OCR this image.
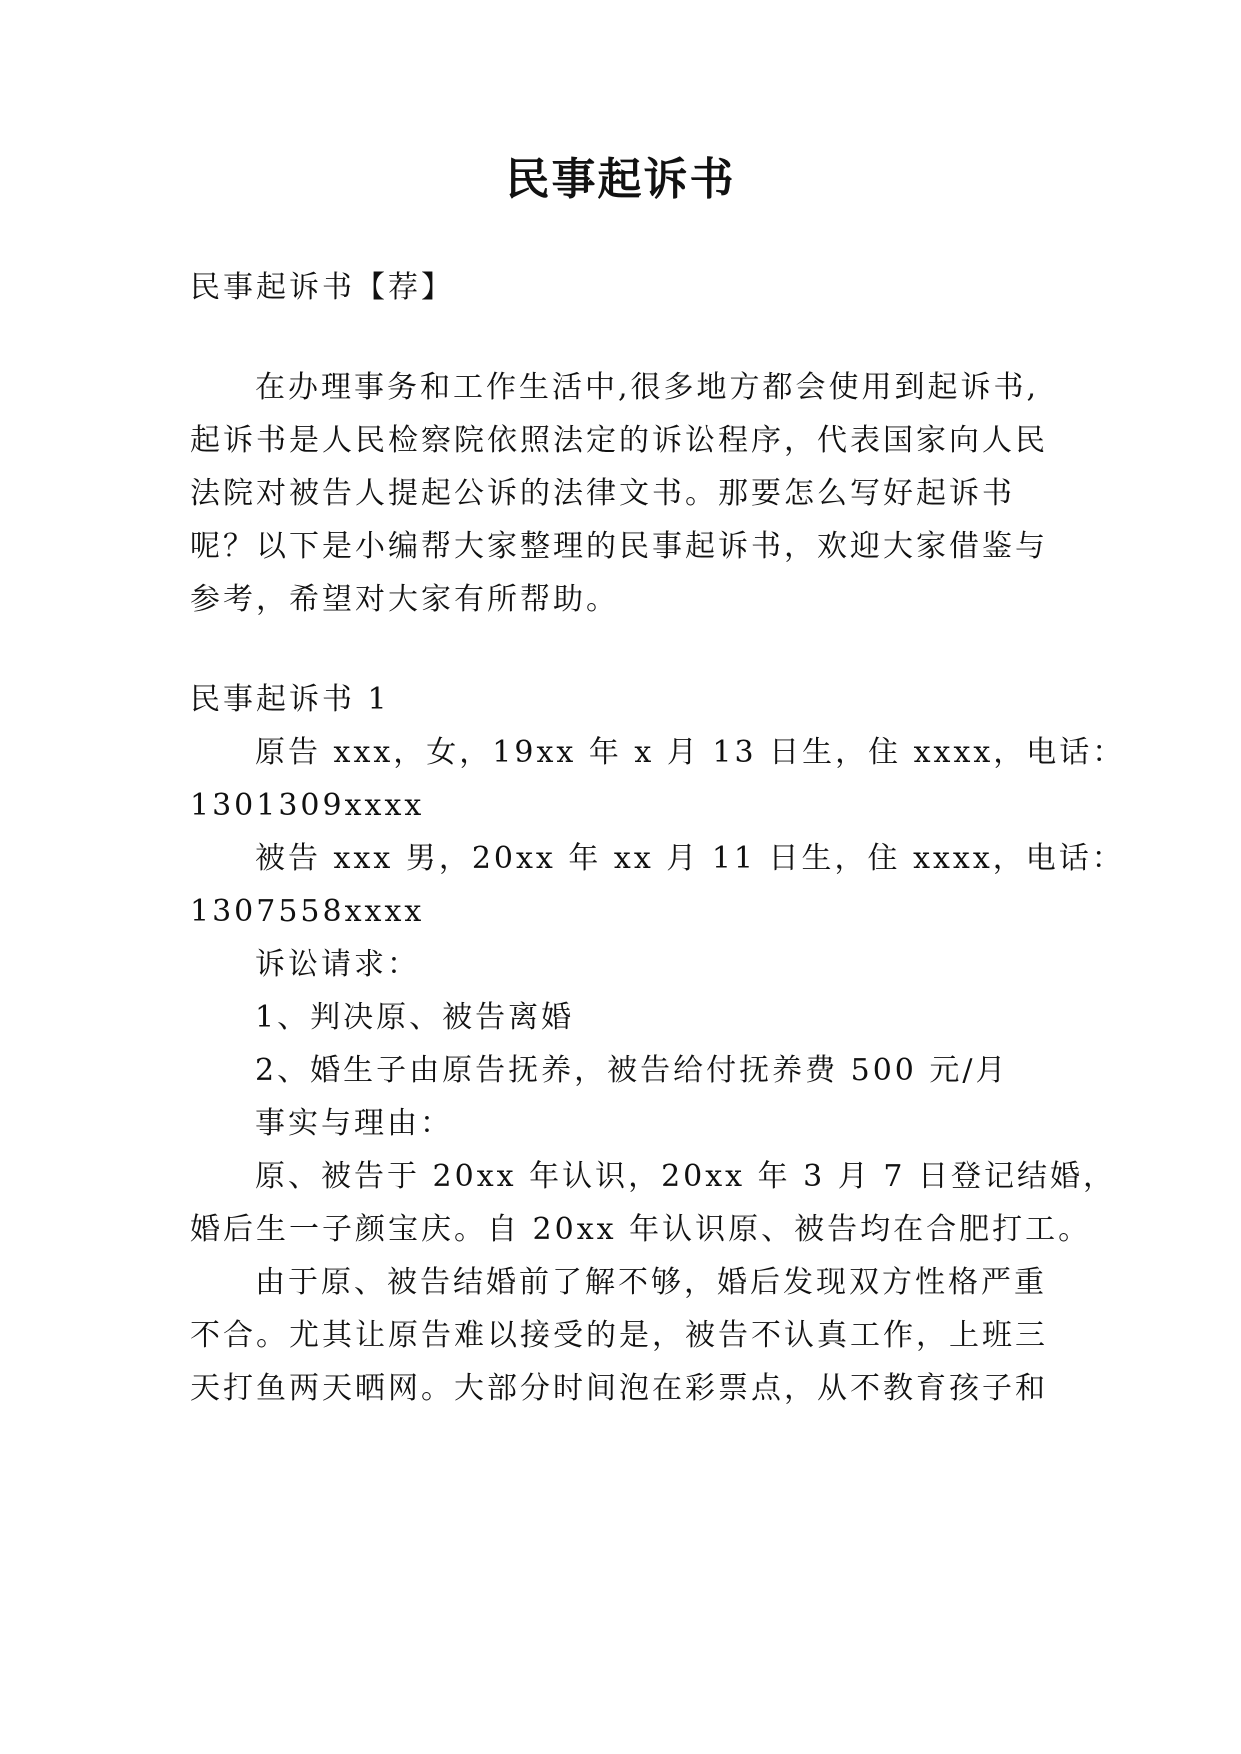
民事起诉书
民事起诉书【荐】
在办理事务和工作生活中,很多地方都会使用到起诉书,
起诉书是人民检察院依照法定的诉讼程序，代表国家向人民
法院对被告人提起公诉的法律文书。那要怎么写好起诉书
呢？以下是小编帮大家整理的民事起诉书，欢迎大家借鉴与
参考，希望对大家有所帮助。
民事起诉书 1
原告 xxx，女，19xx 年 x 月 13 日生，住 xxxx，电话：
1301309xxxx
被告 xxx 男，20xx 年 xx 月 11 日生，住 xxxx，电话：
1307558xxxx
诉讼请求：
1、判决原、被告离婚
2、婚生子由原告抚养，被告给付抚养费 500 元/月
事实与理由：
原、被告于 20xx 年认识，20xx 年 3 月 7 日登记结婚，
婚后生一子颜宝庆。自 20xx 年认识原、被告均在合肥打工。
由于原、被告结婚前了解不够，婚后发现双方性格严重
不合。尤其让原告难以接受的是，被告不认真工作，上班三
天打鱼两天晒网。大部分时间泡在彩票点，从不教育孩子和
